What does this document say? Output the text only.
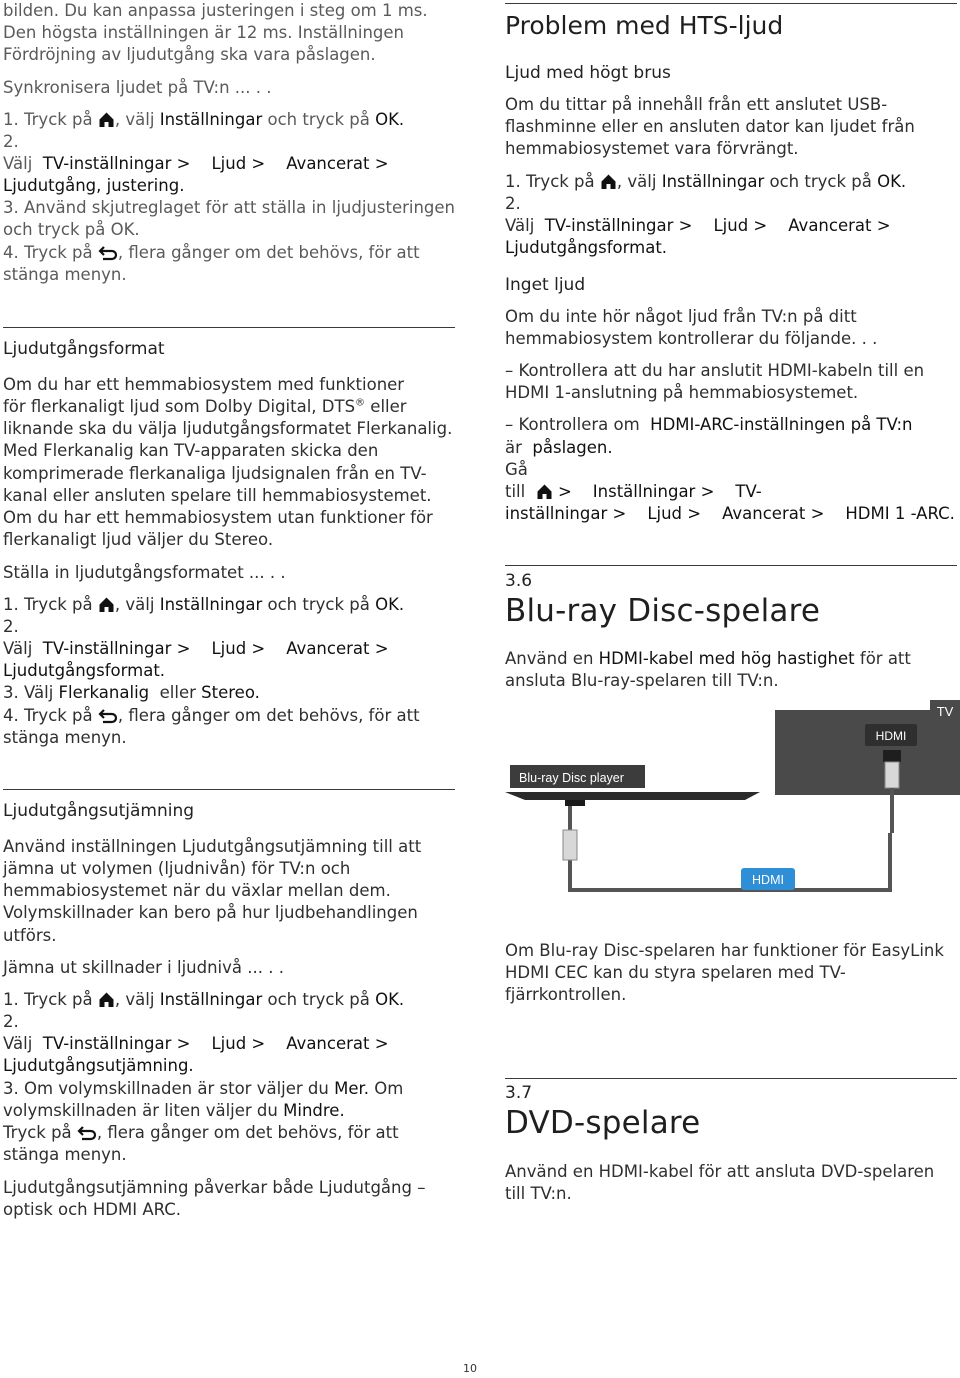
bilden. Du kan anpassa justeringen i steg om 1 ms.
Den högsta inställningen är 12 ms. Inställningen
Fördröjning av ljudutgång ska vara påslagen.
Synkronisera ljudet på TV:n ... . .
1. Tryck på , välj Inställningar och tryck på OK.
2.
Välj TV-inställningar > Ljud > Avancerat >
Ljudutgång, justering.
3. Använd skjutreglaget för att ställa in ljudjusteringen
och tryck på OK.
4. Tryck på , flera gånger om det behövs, för att
stänga menyn.
Ljudutgångsformat
Om du har ett hemmabiosystem med funktioner
för flerkanaligt ljud som Dolby Digital, DTS® eller
liknande ska du välja ljudutgångsformatet Flerkanalig.
Med Flerkanalig kan TV-apparaten skicka den
komprimerade flerkanaliga ljudsignalen från en TV-
kanal eller ansluten spelare till hemmabiosystemet.
Om du har ett hemmabiosystem utan funktioner för
flerkanaligt ljud väljer du Stereo.
Ställa in ljudutgångsformatet ... . .
1. Tryck på , välj Inställningar och tryck på OK.
2.
Välj TV-inställningar > Ljud > Avancerat >
Ljudutgångsformat.
3. Välj Flerkanalig eller Stereo.
4. Tryck på , flera gånger om det behövs, för att
stänga menyn.
Ljudutgångsutjämning
Använd inställningen Ljudutgångsutjämning till att
jämna ut volymen (ljudnivån) för TV:n och
hemmabiosystemet när du växlar mellan dem.
Volymskillnader kan bero på hur ljudbehandlingen
utförs.
Jämna ut skillnader i ljudnivå ... . .
1. Tryck på , välj Inställningar och tryck på OK.
2.
Välj TV-inställningar > Ljud > Avancerat >
Ljudutgångsutjämning.
3. Om volymskillnaden är stor väljer du Mer. Om
volymskillnaden är liten väljer du Mindre.
Tryck på , flera gånger om det behövs, för att
stänga menyn.
Ljudutgångsutjämning påverkar både Ljudutgång –
optisk och HDMI ARC.
Problem med HTS-ljud
Ljud med högt brus
Om du tittar på innehåll från ett anslutet USB-
flashminne eller en ansluten dator kan ljudet från
hemmabiosystemet vara förvrängt.
1. Tryck på , välj Inställningar och tryck på OK.
2.
Välj TV-inställningar > Ljud > Avancerat >
Ljudutgångsformat.
Inget ljud
Om du inte hör något ljud från TV:n på ditt
hemmabiosystem kontrollerar du följande. . .
– Kontrollera att du har anslutit HDMI-kabeln till en
HDMI 1-anslutning på hemmabiosystemet.
– Kontrollera om HDMI-ARC-inställningen på TV:n
är påslagen.
Gå
till > Inställningar > TV-
inställningar > Ljud > Avancerat > HDMI 1 -ARC.
3.6
Blu-ray Disc-spelare
Använd en HDMI-kabel med hög hastighet för att
ansluta Blu-ray-spelaren till TV:n.
TV
HDMI
Blu-ray Disc player
HDMI
Om Blu-ray Disc-spelaren har funktioner för EasyLink
HDMI CEC kan du styra spelaren med TV-
fjärrkontrollen.
3.7
DVD-spelare
Använd en HDMI-kabel för att ansluta DVD-spelaren
till TV:n.
10
